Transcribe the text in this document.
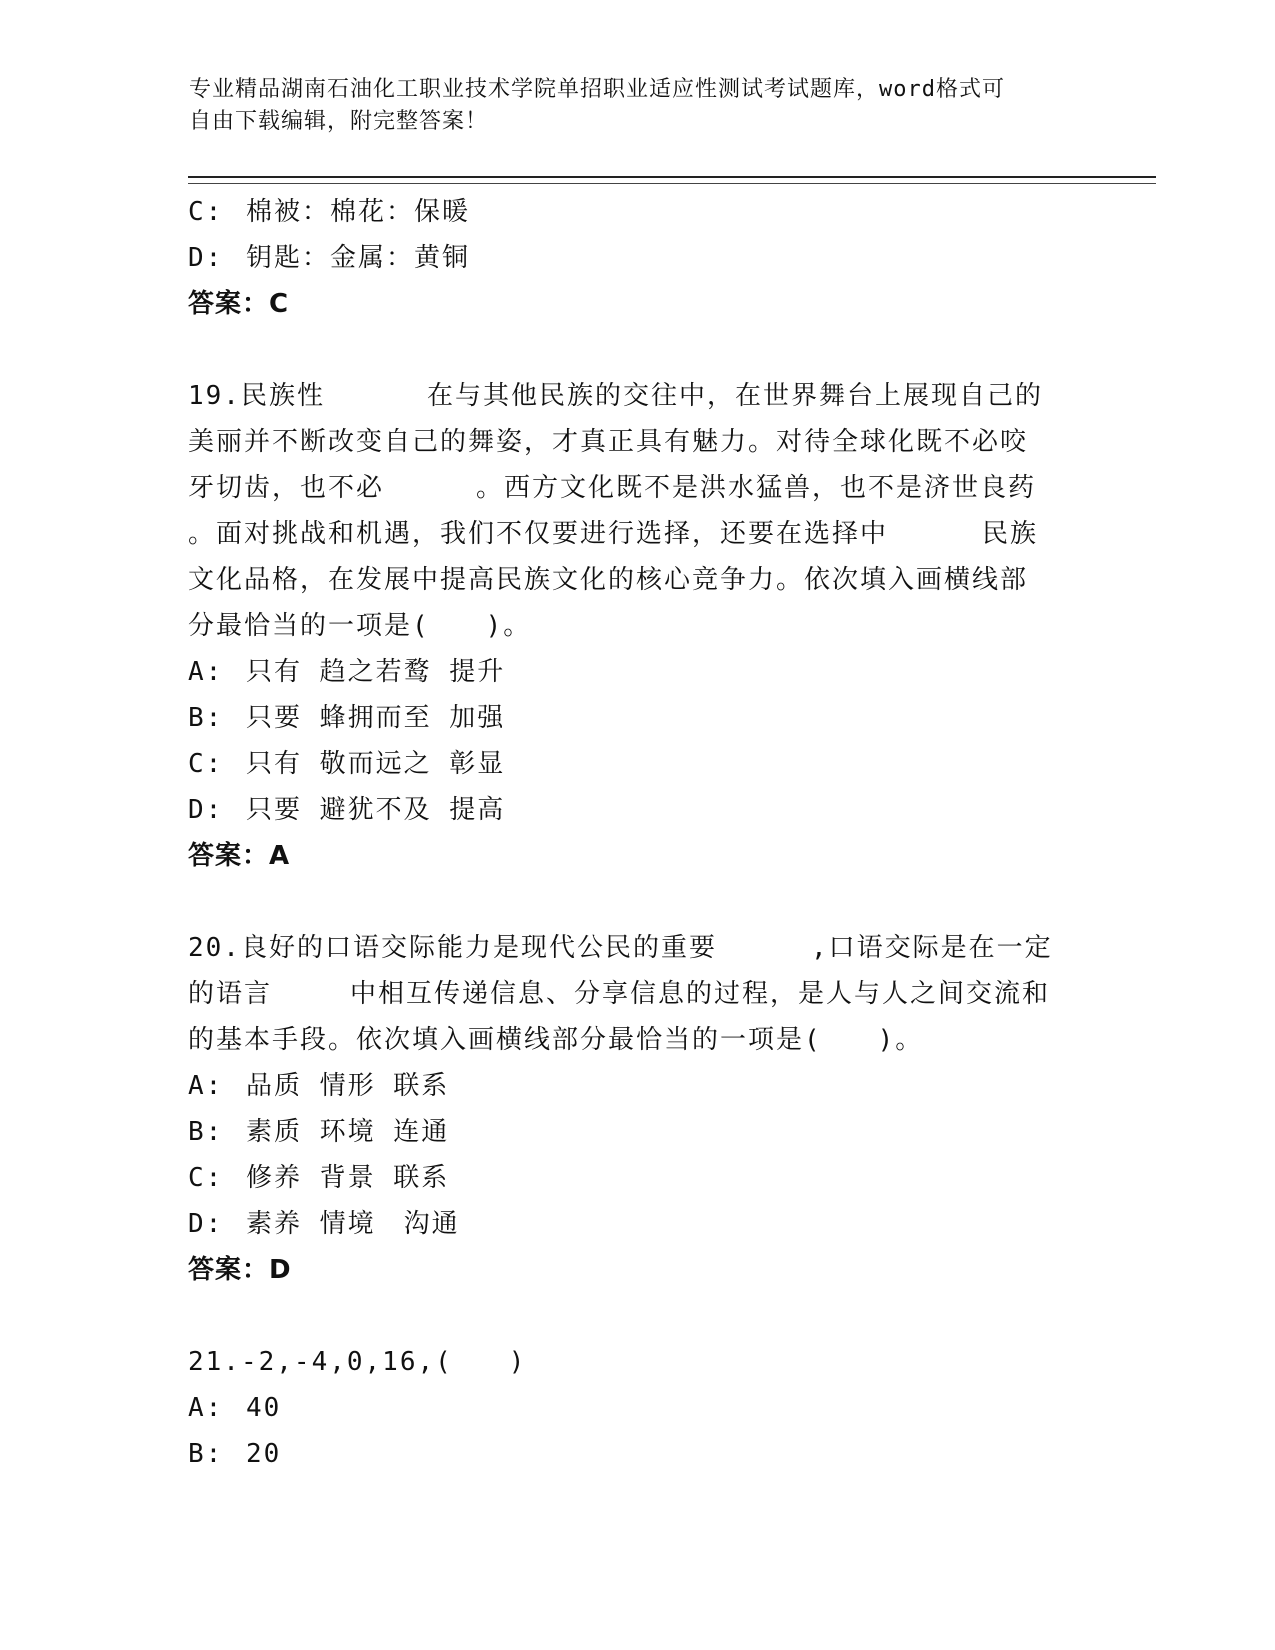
专业精品湖南石油化工职业技术学院单招职业适应性测试考试题库，word格式可
自由下载编辑，附完整答案！
C: 棉被：棉花：保暖
D: 钥匙：金属：黄铜
答案：C
19.民族性	在与其他民族的交往中，在世界舞台上展现自己的
美丽并不断改变自己的舞姿，才真正具有魅力。对待全球化既不必咬
牙切齿，也不必	。西方文化既不是洪水猛兽，也不是济世良药
。面对挑战和机遇，我们不仅要进行选择，还要在选择中	民族
文化品格，在发展中提高民族文化的核心竞争力。依次填入画横线部
分最恰当的一项是(　　)。
A: 只有 趋之若鹜 提升
B: 只要 蜂拥而至 加强
C: 只有 敬而远之 彰显
D: 只要 避犹不及 提高
答案：A
20.良好的口语交际能力是现代公民的重要	,口语交际是在一定
的语言	中相互传递信息、分享信息的过程，是人与人之间交流和
的基本手段。依次填入画横线部分最恰当的一项是(　　)。
A: 品质 情形 联系
B: 素质 环境 连通
C: 修养 背景 联系
D: 素养 情境　沟通
答案：D
21.-2,-4,0,16,(　　)
A: 40
B: 20
